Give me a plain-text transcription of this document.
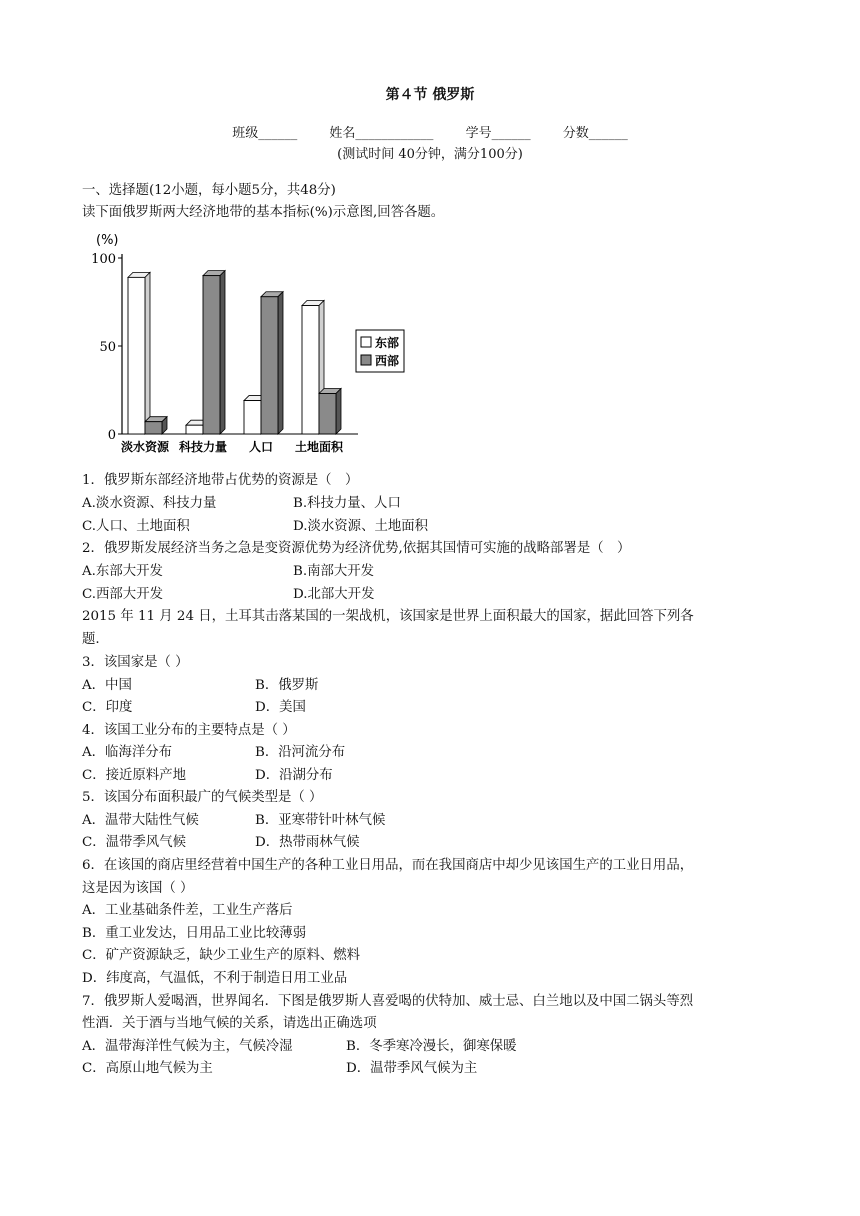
第４节 俄罗斯
班级______ 姓名____________ 学号______ 分数______
(测试时间 40分钟，满分100分)
一、选择题(12小题，每小题5分，共48分)
读下面俄罗斯两大经济地带的基本指标(%)示意图,回答各题。
(%)
0
50
100
淡水资源 科技力量 人口 土地面积
东部
西部
1．俄罗斯东部经济地带占优势的资源是（　）
A.淡水资源、科技力量	B.科技力量、人口
C.人口、土地面积	D.淡水资源、土地面积
2．俄罗斯发展经济当务之急是变资源优势为经济优势,依据其国情可实施的战略部署是（　）
A.东部大开发	B.南部大开发
C.西部大开发	D.北部大开发
2015 年 11 月 24 日，土耳其击落某国的一架战机，该国家是世界上面积最大的国家，据此回答下列各
题.
3．该国家是（ ）
A．中国	B．俄罗斯
C．印度	D．美国
4．该国工业分布的主要特点是（ ）
A．临海洋分布	B．沿河流分布
C．接近原料产地	D．沿湖分布
5．该国分布面积最广的气候类型是（ ）
A．温带大陆性气候	B．亚寒带针叶林气候
C．温带季风气候	D．热带雨林气候
6．在该国的商店里经营着中国生产的各种工业日用品，而在我国商店中却少见该国生产的工业日用品，
这是因为该国（ ）
A．工业基础条件差，工业生产落后
B．重工业发达，日用品工业比较薄弱
C．矿产资源缺乏，缺少工业生产的原料、燃料
D．纬度高，气温低，不利于制造日用工业品
7．俄罗斯人爱喝酒，世界闻名．下图是俄罗斯人喜爱喝的伏特加、威士忌、白兰地以及中国二锅头等烈
性酒．关于酒与当地气候的关系，请选出正确选项
A．温带海洋性气候为主，气候冷湿	B．冬季寒冷漫长，御寒保暖
C．高原山地气候为主	D．温带季风气候为主
